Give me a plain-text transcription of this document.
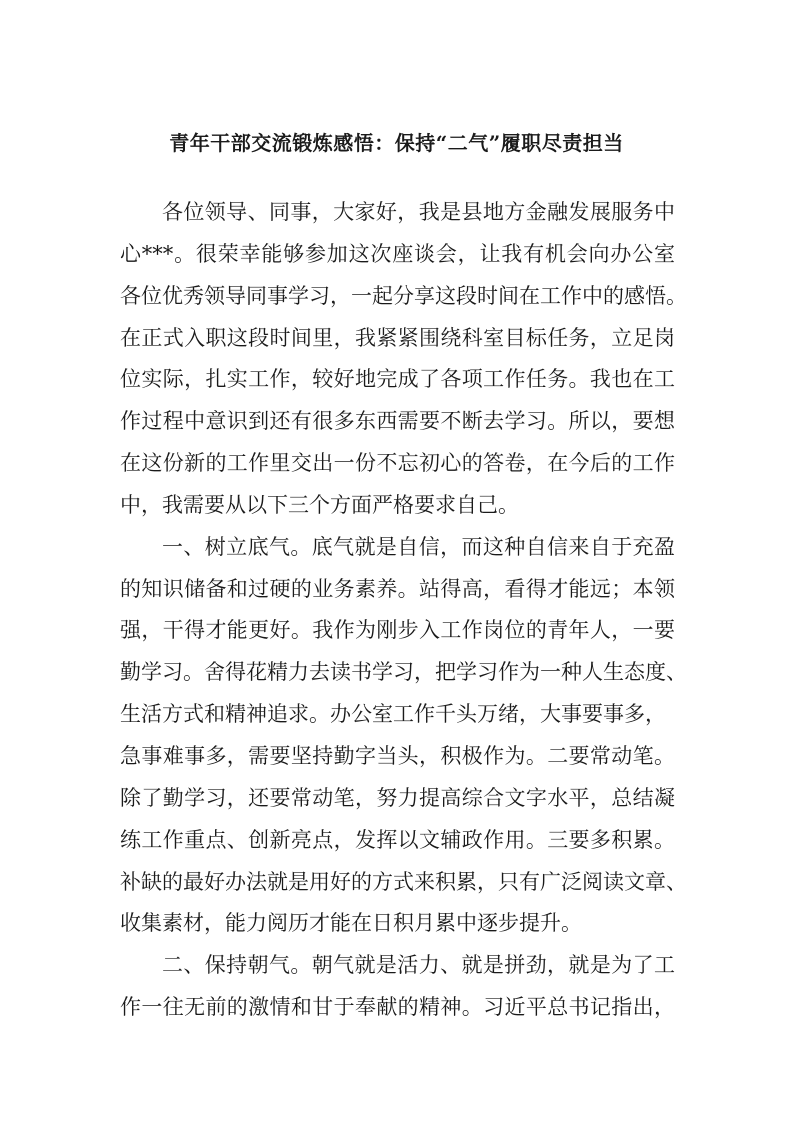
青年干部交流锻炼感悟：保持“二气”履职尽责担当
各位领导、同事，大家好，我是县地方金融发展服务中
心***。很荣幸能够参加这次座谈会，让我有机会向办公室
各位优秀领导同事学习，一起分享这段时间在工作中的感悟。
在正式入职这段时间里，我紧紧围绕科室目标任务，立足岗
位实际，扎实工作，较好地完成了各项工作任务。我也在工
作过程中意识到还有很多东西需要不断去学习。所以，要想
在这份新的工作里交出一份不忘初心的答卷，在今后的工作
中，我需要从以下三个方面严格要求自己。
一、树立底气。底气就是自信，而这种自信来自于充盈
的知识储备和过硬的业务素养。站得高，看得才能远；本领
强，干得才能更好。我作为刚步入工作岗位的青年人，一要
勤学习。舍得花精力去读书学习，把学习作为一种人生态度、
生活方式和精神追求。办公室工作千头万绪，大事要事多，
急事难事多，需要坚持勤字当头，积极作为。二要常动笔。
除了勤学习，还要常动笔，努力提高综合文字水平，总结凝
练工作重点、创新亮点，发挥以文辅政作用。三要多积累。
补缺的最好办法就是用好的方式来积累，只有广泛阅读文章、
收集素材，能力阅历才能在日积月累中逐步提升。
二、保持朝气。朝气就是活力、就是拼劲，就是为了工
作一往无前的激情和甘于奉献的精神。习近平总书记指出，
